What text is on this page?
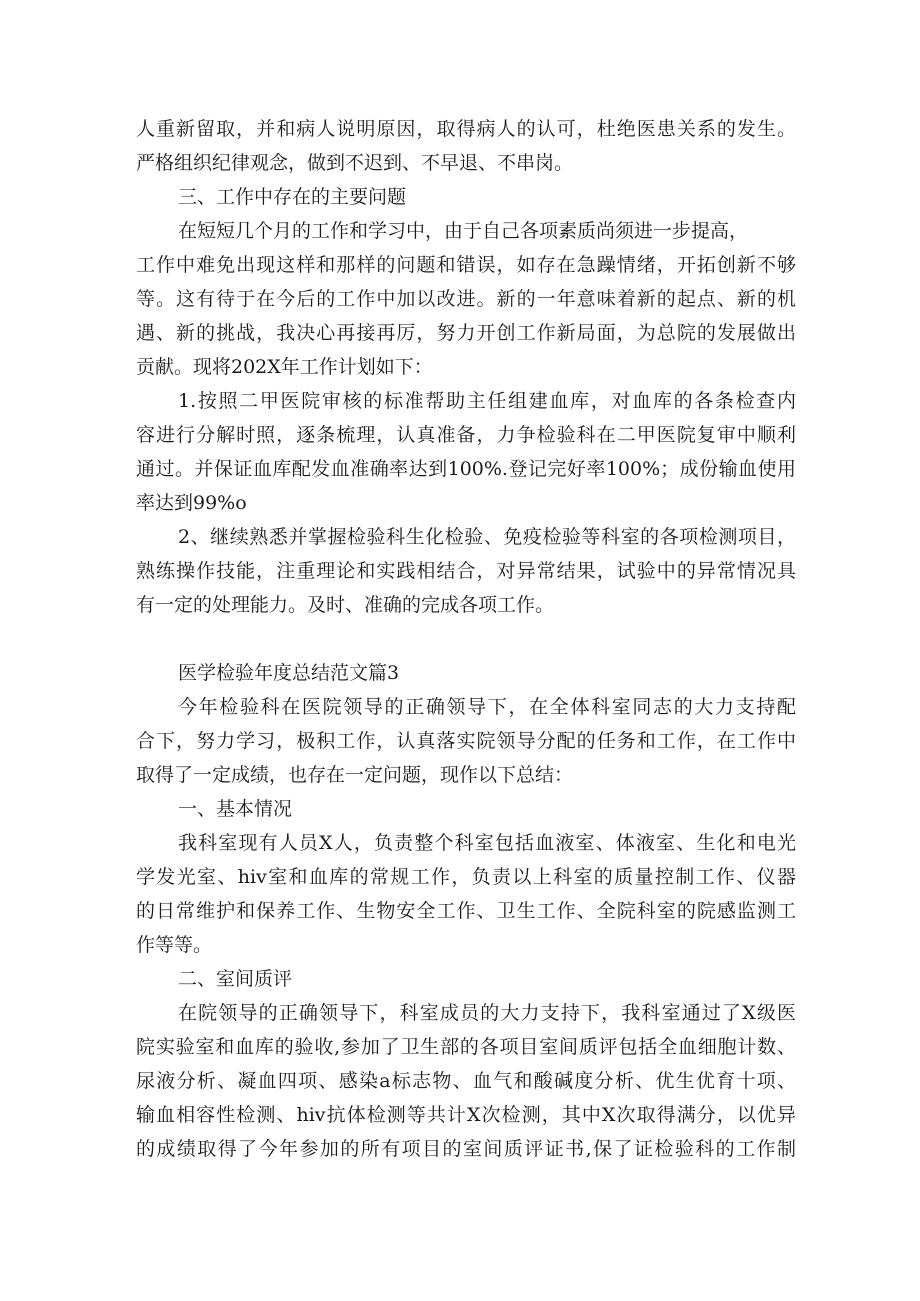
人重新留取，并和病人说明原因，取得病人的认可，杜绝医患关系的发生。
严格组织纪律观念，做到不迟到、不早退、不串岗。
三、工作中存在的主要问题
在短短几个月的工作和学习中，由于自己各项素质尚须进一步提高，
工作中难免出现这样和那样的问题和错误，如存在急躁情绪，开拓创新不够
等。这有待于在今后的工作中加以改进。新的一年意味着新的起点、新的机
遇、新的挑战，我决心再接再厉，努力开创工作新局面，为总院的发展做出
贡献。现将202X年工作计划如下：
1.按照二甲医院审核的标准帮助主任组建血库，对血库的各条检查内
容进行分解时照，逐条梳理，认真准备，力争检验科在二甲医院复审中顺利
通过。并保证血库配发血准确率达到100%.登记完好率100%；成份输血使用
率达到99%o
2、继续熟悉并掌握检验科生化检验、免疫检验等科室的各项检测项目，
熟练操作技能，注重理论和实践相结合，对异常结果，试验中的异常情况具
有一定的处理能力。及时、准确的完成各项工作。

医学检验年度总结范文篇3
今年检验科在医院领导的正确领导下，在全体科室同志的大力支持配
合下，努力学习，极积工作，认真落实院领导分配的任务和工作，在工作中
取得了一定成绩，也存在一定问题，现作以下总结：
一、基本情况
我科室现有人员X人，负责整个科室包括血液室、体液室、生化和电光
学发光室、hiv室和血库的常规工作，负责以上科室的质量控制工作、仪器
的日常维护和保养工作、生物安全工作、卫生工作、全院科室的院感监测工
作等等。
二、室间质评
在院领导的正确领导下，科室成员的大力支持下，我科室通过了X级医
院实验室和血库的验收,参加了卫生部的各项目室间质评包括全血细胞计数、
尿液分析、凝血四项、感染a标志物、血气和酸碱度分析、优生优育十项、
输血相容性检测、hiv抗体检测等共计X次检测，其中X次取得满分，以优异
的成绩取得了今年参加的所有项目的室间质评证书,保了证检验科的工作制
